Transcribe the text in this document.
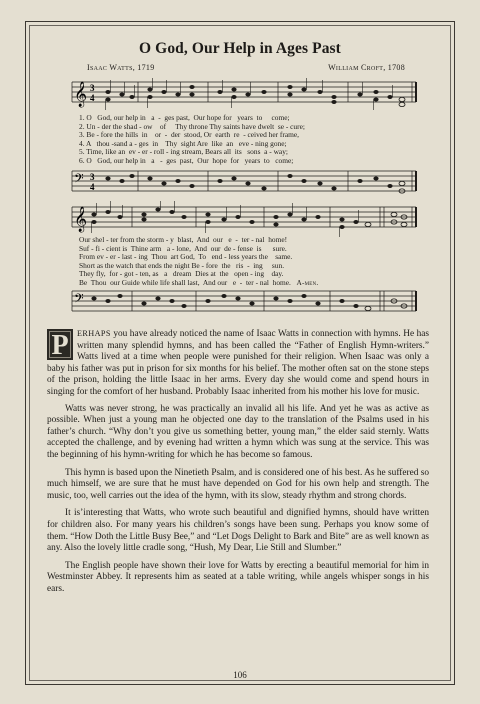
O God, Our Help in Ages Past
Isaac Watts, 1719	William Croft, 1708
𝄞 3
4
1. O   God, our help in   a  -  ges past,  Our hope for   years  to     come;
2. Un - der the shad - ow    of     Thy throne Thy saints have dwelt  se - cure;
3. Be - fore the hills  in    or  -  der  stood, Or  earth  re  - ceived her frame,
4. A   thou -sand a - ges  in    Thy  sight Are  like  an   eve - ning gone;
5. Time, like an  ev - er - roll - ing stream, Bears all  its   sons  a - way;
6. O   God, our help in   a   -  ges  past,  Our  hope  for   years  to   come;
𝄢 3
4
𝄞
Our shel - ter from the storm - y  blast,  And  our   e  -  ter - nal  home!
Suf - fi - cient is  Thine arm   a - lone,  And  our  de - fense  is      sure.
From ev - er - last - ing  Thou  art God,  To   end - less years the    same.
Short as the watch that ends the night Be - fore  the   ris  -  ing     sun.
They fly,  for - got - ten, as   a   dream  Dies at  the   open - ing    day.
Be  Thou  our Guide while life shall last,  And our   e  -  ter - nal  home. A-men.
𝄢

P	ERHAPS you have already noticed the name of Isaac Watts in connection with hymns. He has written many splendid hymns, and has been called the “Father of English Hymn-writers.” Watts lived at a time when people were punished for their religion. When Isaac was only a baby his father was put in prison for six months for his belief. The mother often sat on the stone steps of the prison, holding the little Isaac in her arms. Every day she would come and spend hours in singing for the comfort of her husband. Probably Isaac inherited from his mother his love for music.

Watts was never strong, he was practically an invalid all his life. And yet he was as active as possible. When just a young man he objected one day to the translation of the Psalms used in his father’s church. “Why don’t you give us something better, young man,” the elder said sternly. Watts accepted the challenge, and by evening had written a hymn which was sung at the service. This was the beginning of his hymn-writing for which he has become so famous.

This hymn is based upon the Ninetieth Psalm, and is considered one of his best. As he suffered so much himself, we are sure that he must have depended on God for his own help and strength. The music, too, well carries out the idea of the hymn, with its slow, steady rhythm and strong chords.

It is’interesting that Watts, who wrote such beautiful and dignified hymns, should have written for children also. For many years his children’s songs have been sung. Perhaps you know some of them. “How Doth the Little Busy Bee,” and “Let Dogs Delight to Bark and Bite” are as well known as any. Also the lovely little cradle song, “Hush, My Dear, Lie Still and Slumber.”

The English people have shown their love for Watts by erecting a beautiful memorial for him in Westminster Abbey. It represents him as seated at a table writing, while angels whisper songs in his ears.

106
